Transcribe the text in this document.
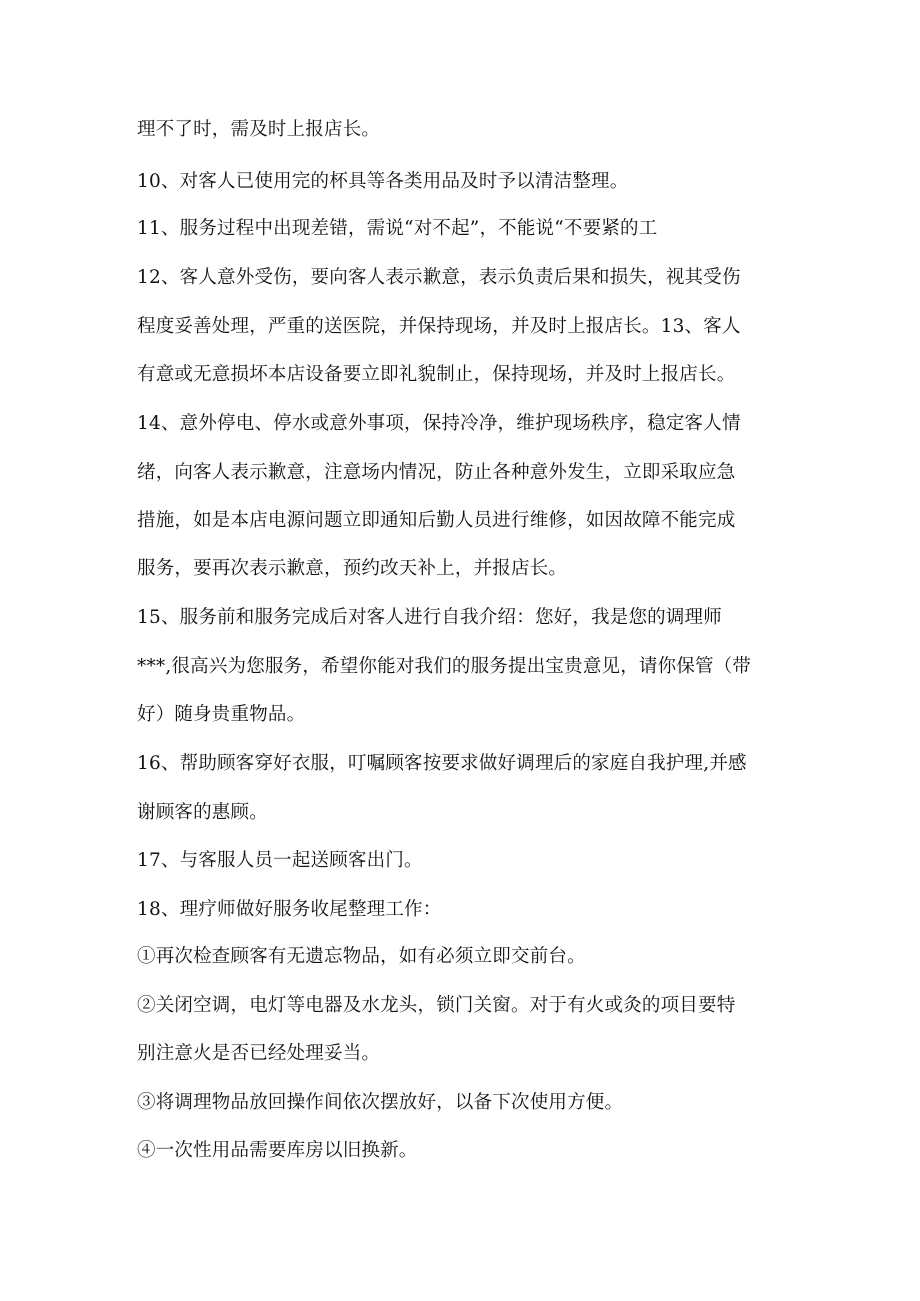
理不了时，需及时上报店长。
10、对客人已使用完的杯具等各类用品及时予以清洁整理。
11、服务过程中出现差错，需说“对不起”，不能说“不要紧的工
12、客人意外受伤，要向客人表示歉意，表示负责后果和损失，视其受伤
程度妥善处理，严重的送医院，并保持现场，并及时上报店长。13、客人
有意或无意损坏本店设备要立即礼貌制止，保持现场，并及时上报店长。
14、意外停电、停水或意外事项，保持冷净，维护现场秩序，稳定客人情
绪，向客人表示歉意，注意场内情况，防止各种意外发生，立即采取应急
措施，如是本店电源问题立即通知后勤人员进行维修，如因故障不能完成
服务，要再次表示歉意，预约改天补上，并报店长。
15、服务前和服务完成后对客人进行自我介绍：您好，我是您的调理师
***,很高兴为您服务，希望你能对我们的服务提出宝贵意见，请你保管（带
好）随身贵重物品。
16、帮助顾客穿好衣服，叮嘱顾客按要求做好调理后的家庭自我护理,并感
谢顾客的惠顾。
17、与客服人员一起送顾客出门。
18、理疗师做好服务收尾整理工作：
①再次检查顾客有无遗忘物品，如有必须立即交前台。
②关闭空调，电灯等电器及水龙头，锁门关窗。对于有火或灸的项目要特
别注意火是否已经处理妥当。
③将调理物品放回操作间依次摆放好，以备下次使用方便。
④一次性用品需要库房以旧换新。
